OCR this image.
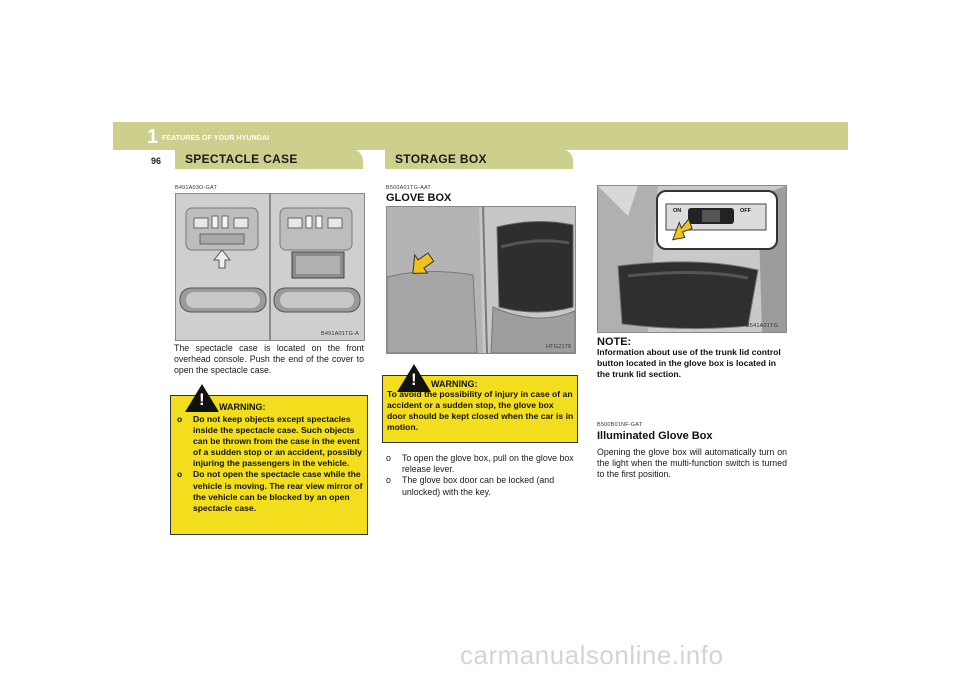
1 FEATURES OF YOUR HYUNDAI
96 SPECTACLE CASE	STORAGE BOX
B491A03O-GAT
B491A01TG-A
The spectacle case is located on the front overhead console. Push the end of the cover to open the spectacle case.
! WARNING:
o Do not keep objects except spectacles inside the spectacle case. Such objects can be thrown from the case in the event of a sudden stop or an accident, possibly injuring the passengers in the vehicle.
o Do not open the spectacle case while the vehicle is moving. The rear view mirror of the vehicle can be blocked by an open spectacle case.
B500A01TG-AAT
GLOVE BOX
HTG2178
! WARNING:
To avoid the possibility of injury in case of an accident or a sudden stop, the glove box door should be kept closed when the car is in motion.
o To open the glove box, pull on the glove box release lever.
o The glove box door can be locked (and unlocked) with the key.
ON	OFF
B541A01TG
NOTE:
Information about use of the trunk lid control button located in the glove box is located in the trunk lid section.
B500B01NF-GAT
Illuminated Glove Box
Opening the glove box will automatically turn on the light when the multi-function switch is turned to the first position.
carmanualsonline.info
